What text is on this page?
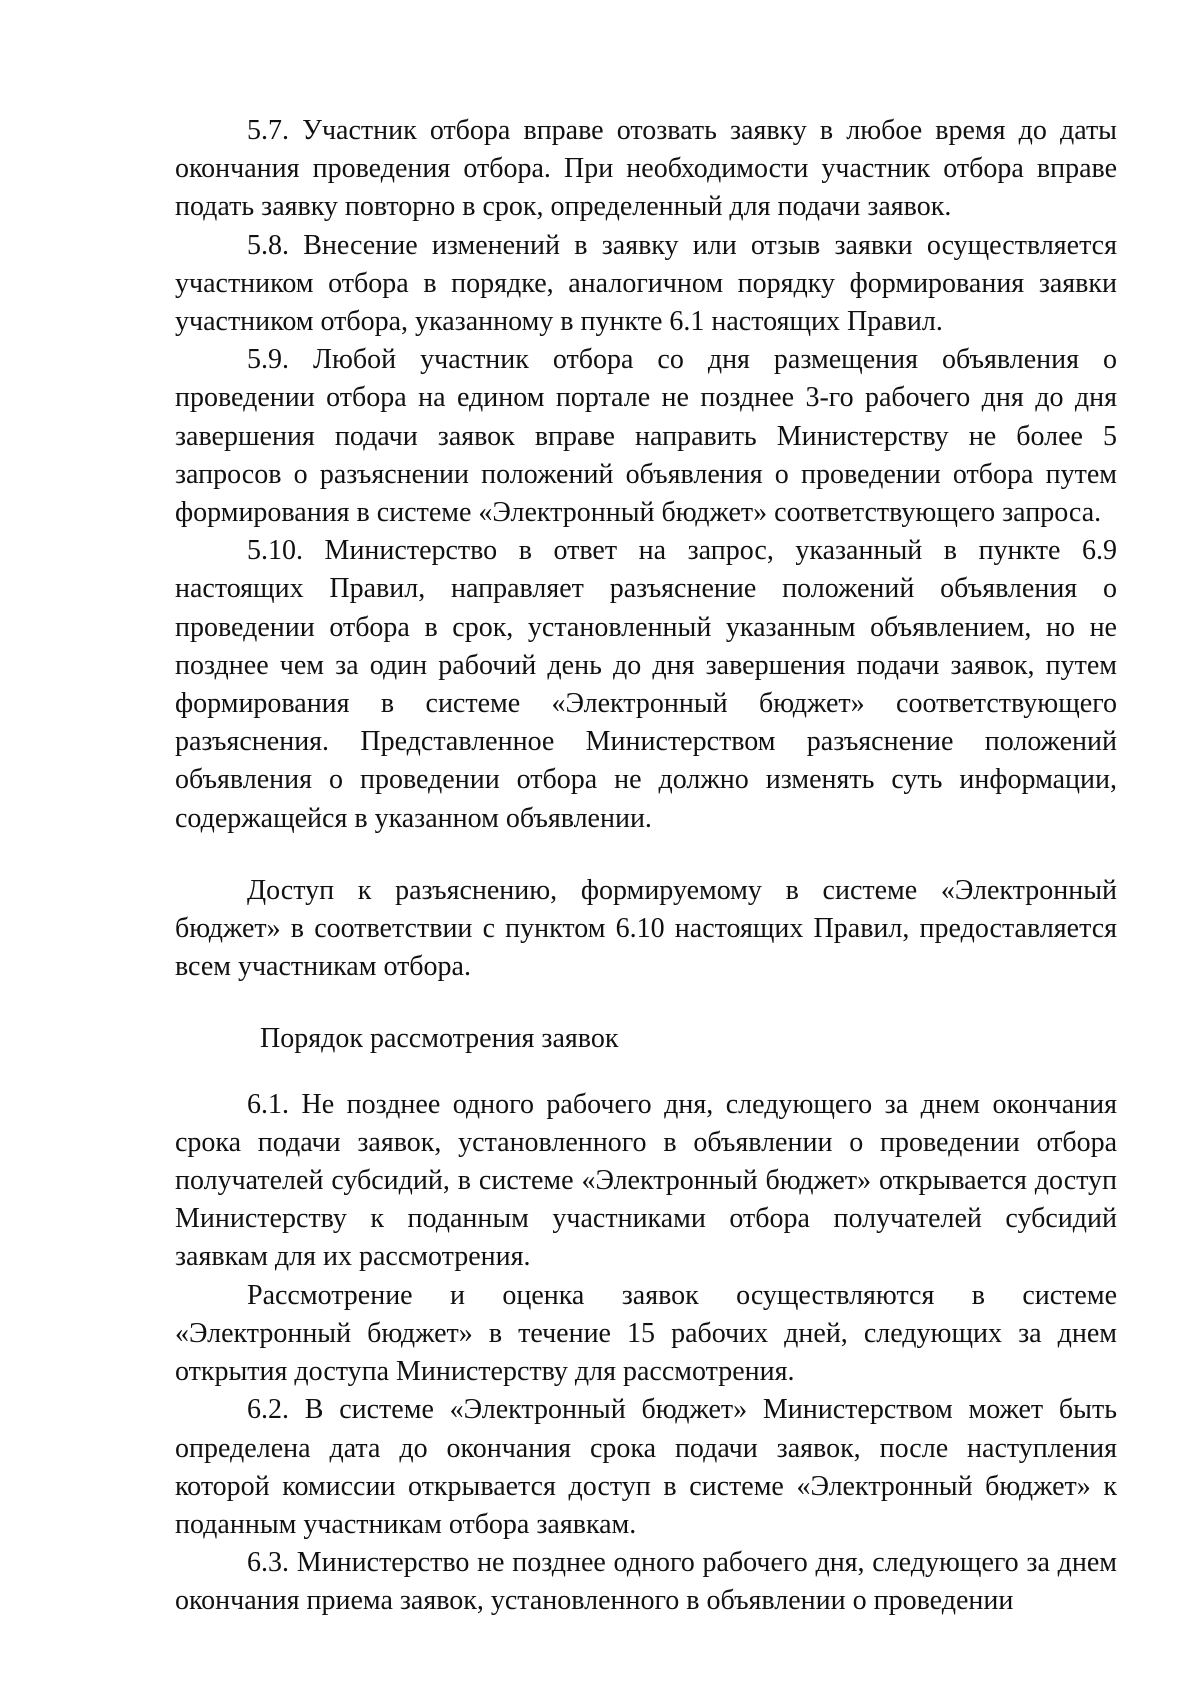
5.7. Участник отбора вправе отозвать заявку в любое время до даты окончания проведения отбора. При необходимости участник отбора вправе подать заявку повторно в срок, определенный для подачи заявок.

5.8. Внесение изменений в заявку или отзыв заявки осуществляется участником отбора в порядке, аналогичном порядку формирования заявки участником отбора, указанному в пункте 6.1 настоящих Правил.

5.9. Любой участник отбора со дня размещения объявления о проведении отбора на едином портале не позднее 3-го рабочего дня до дня завершения подачи заявок вправе направить Министерству не более 5 запросов о разъяснении положений объявления о проведении отбора путем формирования в системе «Электронный бюджет» соответствующего запроса.

5.10. Министерство в ответ на запрос, указанный в пункте 6.9 настоящих Правил, направляет разъяснение положений объявления о проведении отбора в срок, установленный указанным объявлением, но не позднее чем за один рабочий день до дня завершения подачи заявок, путем формирования в системе «Электронный бюджет» соответствующего разъяснения. Представленное Министерством разъяснение положений объявления о проведении отбора не должно изменять суть информации, содержащейся в указанном объявлении.

Доступ к разъяснению, формируемому в системе «Электронный бюджет» в соответствии с пунктом 6.10 настоящих Правил, предоставляется всем участникам отбора.

Порядок рассмотрения заявок

6.1. Не позднее одного рабочего дня, следующего за днем окончания срока подачи заявок, установленного в объявлении о проведении отбора получателей субсидий, в системе «Электронный бюджет» открывается доступ Министерству к поданным участниками отбора получателей субсидий заявкам для их рассмотрения.

Рассмотрение и оценка заявок осуществляются в системе «Электронный бюджет» в течение 15 рабочих дней, следующих за днем открытия доступа Министерству для рассмотрения.

6.2. В системе «Электронный бюджет» Министерством может быть определена дата до окончания срока подачи заявок, после наступления которой комиссии открывается доступ в системе «Электронный бюджет» к поданным участникам отбора заявкам.

6.3. Министерство не позднее одного рабочего дня, следующего за днем окончания приема заявок, установленного в объявлении о проведении
